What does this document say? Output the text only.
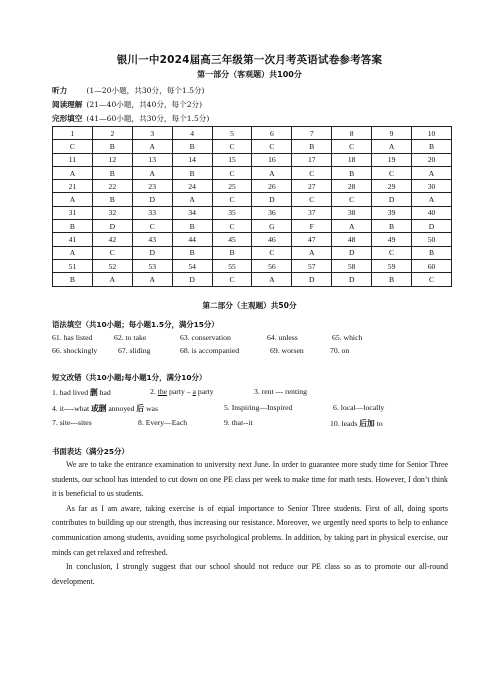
银川一中2024届高三年级第一次月考英语试卷参考答案
第一部分（客观题）共100分
听力	(1—20小题，共30分，每个1.5分)
阅读理解 (21—40小题，共40分，每个2分)
完形填空 (41—60小题，共30分，每个1.5分)
1	2	3	4	5	6	7	8	9	10
C	B	A	B	C	C	B	C	A	B
11	12	13	14	15	16	17	18	19	20
A	B	A	B	C	A	C	B	C	A
21	22	23	24	25	26	27	28	29	30
A	B	D	A	C	D	C	C	D	A
31	32	33	34	35	36	37	38	39	40
B	D	C	B	C	G	F	A	B	D
41	42	43	44	45	46	47	48	49	50
A	C	D	B	B	C	A	D	C	B
51	52	53	54	55	56	57	58	59	60
B	A	A	D	C	A	D	D	B	C
第二部分（主观题）共50分
语法填空（共10小题；每小题1.5分，满分15分）
61. has listed	62. to take	63. conservation	64. unless	65. which
66. shockingly	67. sliding	68. is accompanied	69. worsen	70. on
短文改错（共10小题;每小题1分，满分10分）
1. had lived 删 had	2. the party – a party	3. rent --- renting
4. it----what 或删 annoyed 后 was	5. Inspiring—Inspired	6. local—locally
7. site---sites	8. Every—Each	9. that--it	10. leads 后加 to
书面表达（满分25分）

We are to take the entrance examination to university next June. In order to guarantee more study time for Senior Three students, our school has intended to cut down on one PE class per week to make time for math tests. However, I don’t think it is beneficial to us students.

As far as I am aware, taking exercise is of equal importance to Senior Three students. First of all, doing sports contributes to building up our strength, thus increasing our resistance. Moreover, we urgently need sports to help to enhance communication among students, avoiding some psychological problems. In addition, by taking part in physical exercise, our minds can get relaxed and refreshed.

In conclusion, I strongly suggest that our school should not reduce our PE class so as to promote our all-round development.
